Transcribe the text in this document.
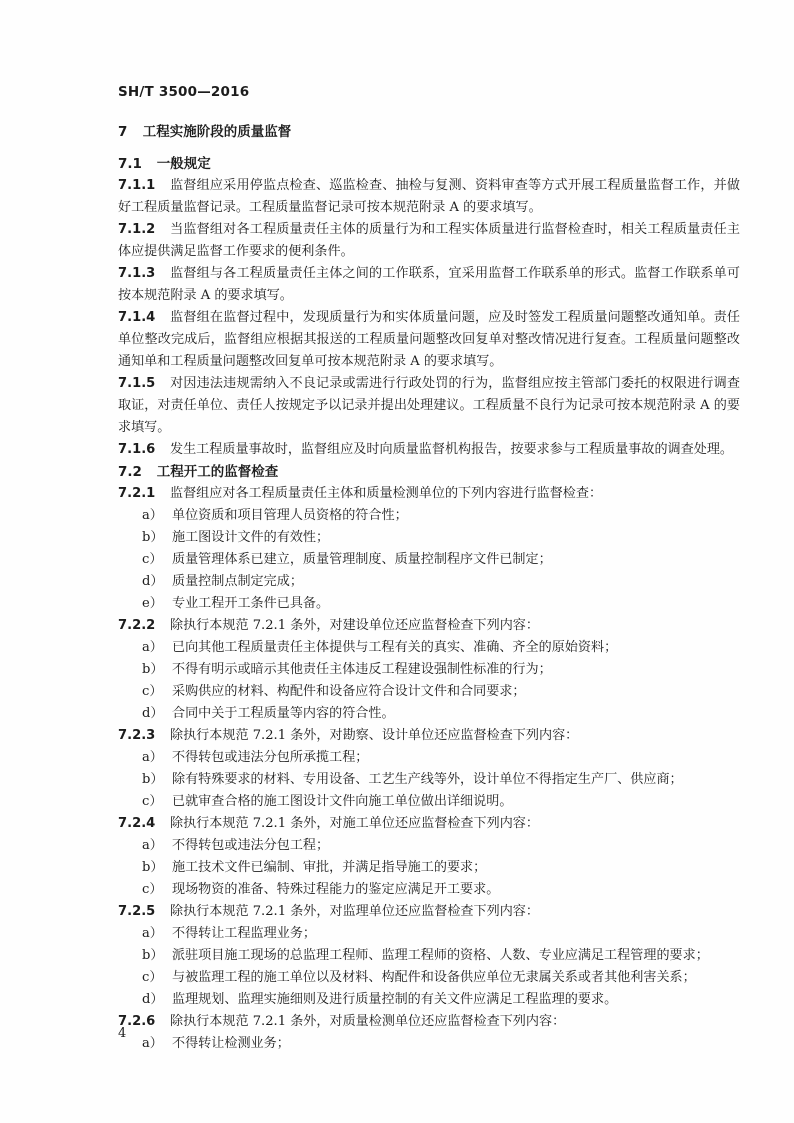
SH/T 3500—2016
7 工程实施阶段的质量监督
7.1 一般规定

7.1.1 监督组应采用停监点检查、巡监检查、抽检与复测、资料审查等方式开展工程质量监督工作，并做好工程质量监督记录。工程质量监督记录可按本规范附录 A 的要求填写。

7.1.2 当监督组对各工程质量责任主体的质量行为和工程实体质量进行监督检查时，相关工程质量责任主体应提供满足监督工作要求的便利条件。

7.1.3 监督组与各工程质量责任主体之间的工作联系，宜采用监督工作联系单的形式。监督工作联系单可按本规范附录 A 的要求填写。

7.1.4 监督组在监督过程中，发现质量行为和实体质量问题，应及时签发工程质量问题整改通知单。责任单位整改完成后，监督组应根据其报送的工程质量问题整改回复单对整改情况进行复查。工程质量问题整改通知单和工程质量问题整改回复单可按本规范附录 A 的要求填写。

7.1.5 对因违法违规需纳入不良记录或需进行行政处罚的行为，监督组应按主管部门委托的权限进行调查取证，对责任单位、责任人按规定予以记录并提出处理建议。工程质量不良行为记录可按本规范附录 A 的要求填写。

7.1.6 发生工程质量事故时，监督组应及时向质量监督机构报告，按要求参与工程质量事故的调查处理。

7.2 工程开工的监督检查

7.2.1 监督组应对各工程质量责任主体和质量检测单位的下列内容进行监督检查：

a） 单位资质和项目管理人员资格的符合性；
b） 施工图设计文件的有效性；
c） 质量管理体系已建立，质量管理制度、质量控制程序文件已制定；
d） 质量控制点制定完成；
e） 专业工程开工条件已具备。

7.2.2 除执行本规范 7.2.1 条外，对建设单位还应监督检查下列内容：

a） 已向其他工程质量责任主体提供与工程有关的真实、准确、齐全的原始资料；
b） 不得有明示或暗示其他责任主体违反工程建设强制性标准的行为；
c） 采购供应的材料、构配件和设备应符合设计文件和合同要求；
d） 合同中关于工程质量等内容的符合性。

7.2.3 除执行本规范 7.2.1 条外，对勘察、设计单位还应监督检查下列内容：

a） 不得转包或违法分包所承揽工程；
b） 除有特殊要求的材料、专用设备、工艺生产线等外，设计单位不得指定生产厂、供应商；
c） 已就审查合格的施工图设计文件向施工单位做出详细说明。

7.2.4 除执行本规范 7.2.1 条外，对施工单位还应监督检查下列内容：

a） 不得转包或违法分包工程；
b） 施工技术文件已编制、审批，并满足指导施工的要求；
c） 现场物资的准备、特殊过程能力的鉴定应满足开工要求。

7.2.5 除执行本规范 7.2.1 条外，对监理单位还应监督检查下列内容：

a） 不得转让工程监理业务；
b） 派驻项目施工现场的总监理工程师、监理工程师的资格、人数、专业应满足工程管理的要求；
c） 与被监理工程的施工单位以及材料、构配件和设备供应单位无隶属关系或者其他利害关系；
d） 监理规划、监理实施细则及进行质量控制的有关文件应满足工程监理的要求。

7.2.6 除执行本规范 7.2.1 条外，对质量检测单位还应监督检查下列内容：

a） 不得转让检测业务；
4
